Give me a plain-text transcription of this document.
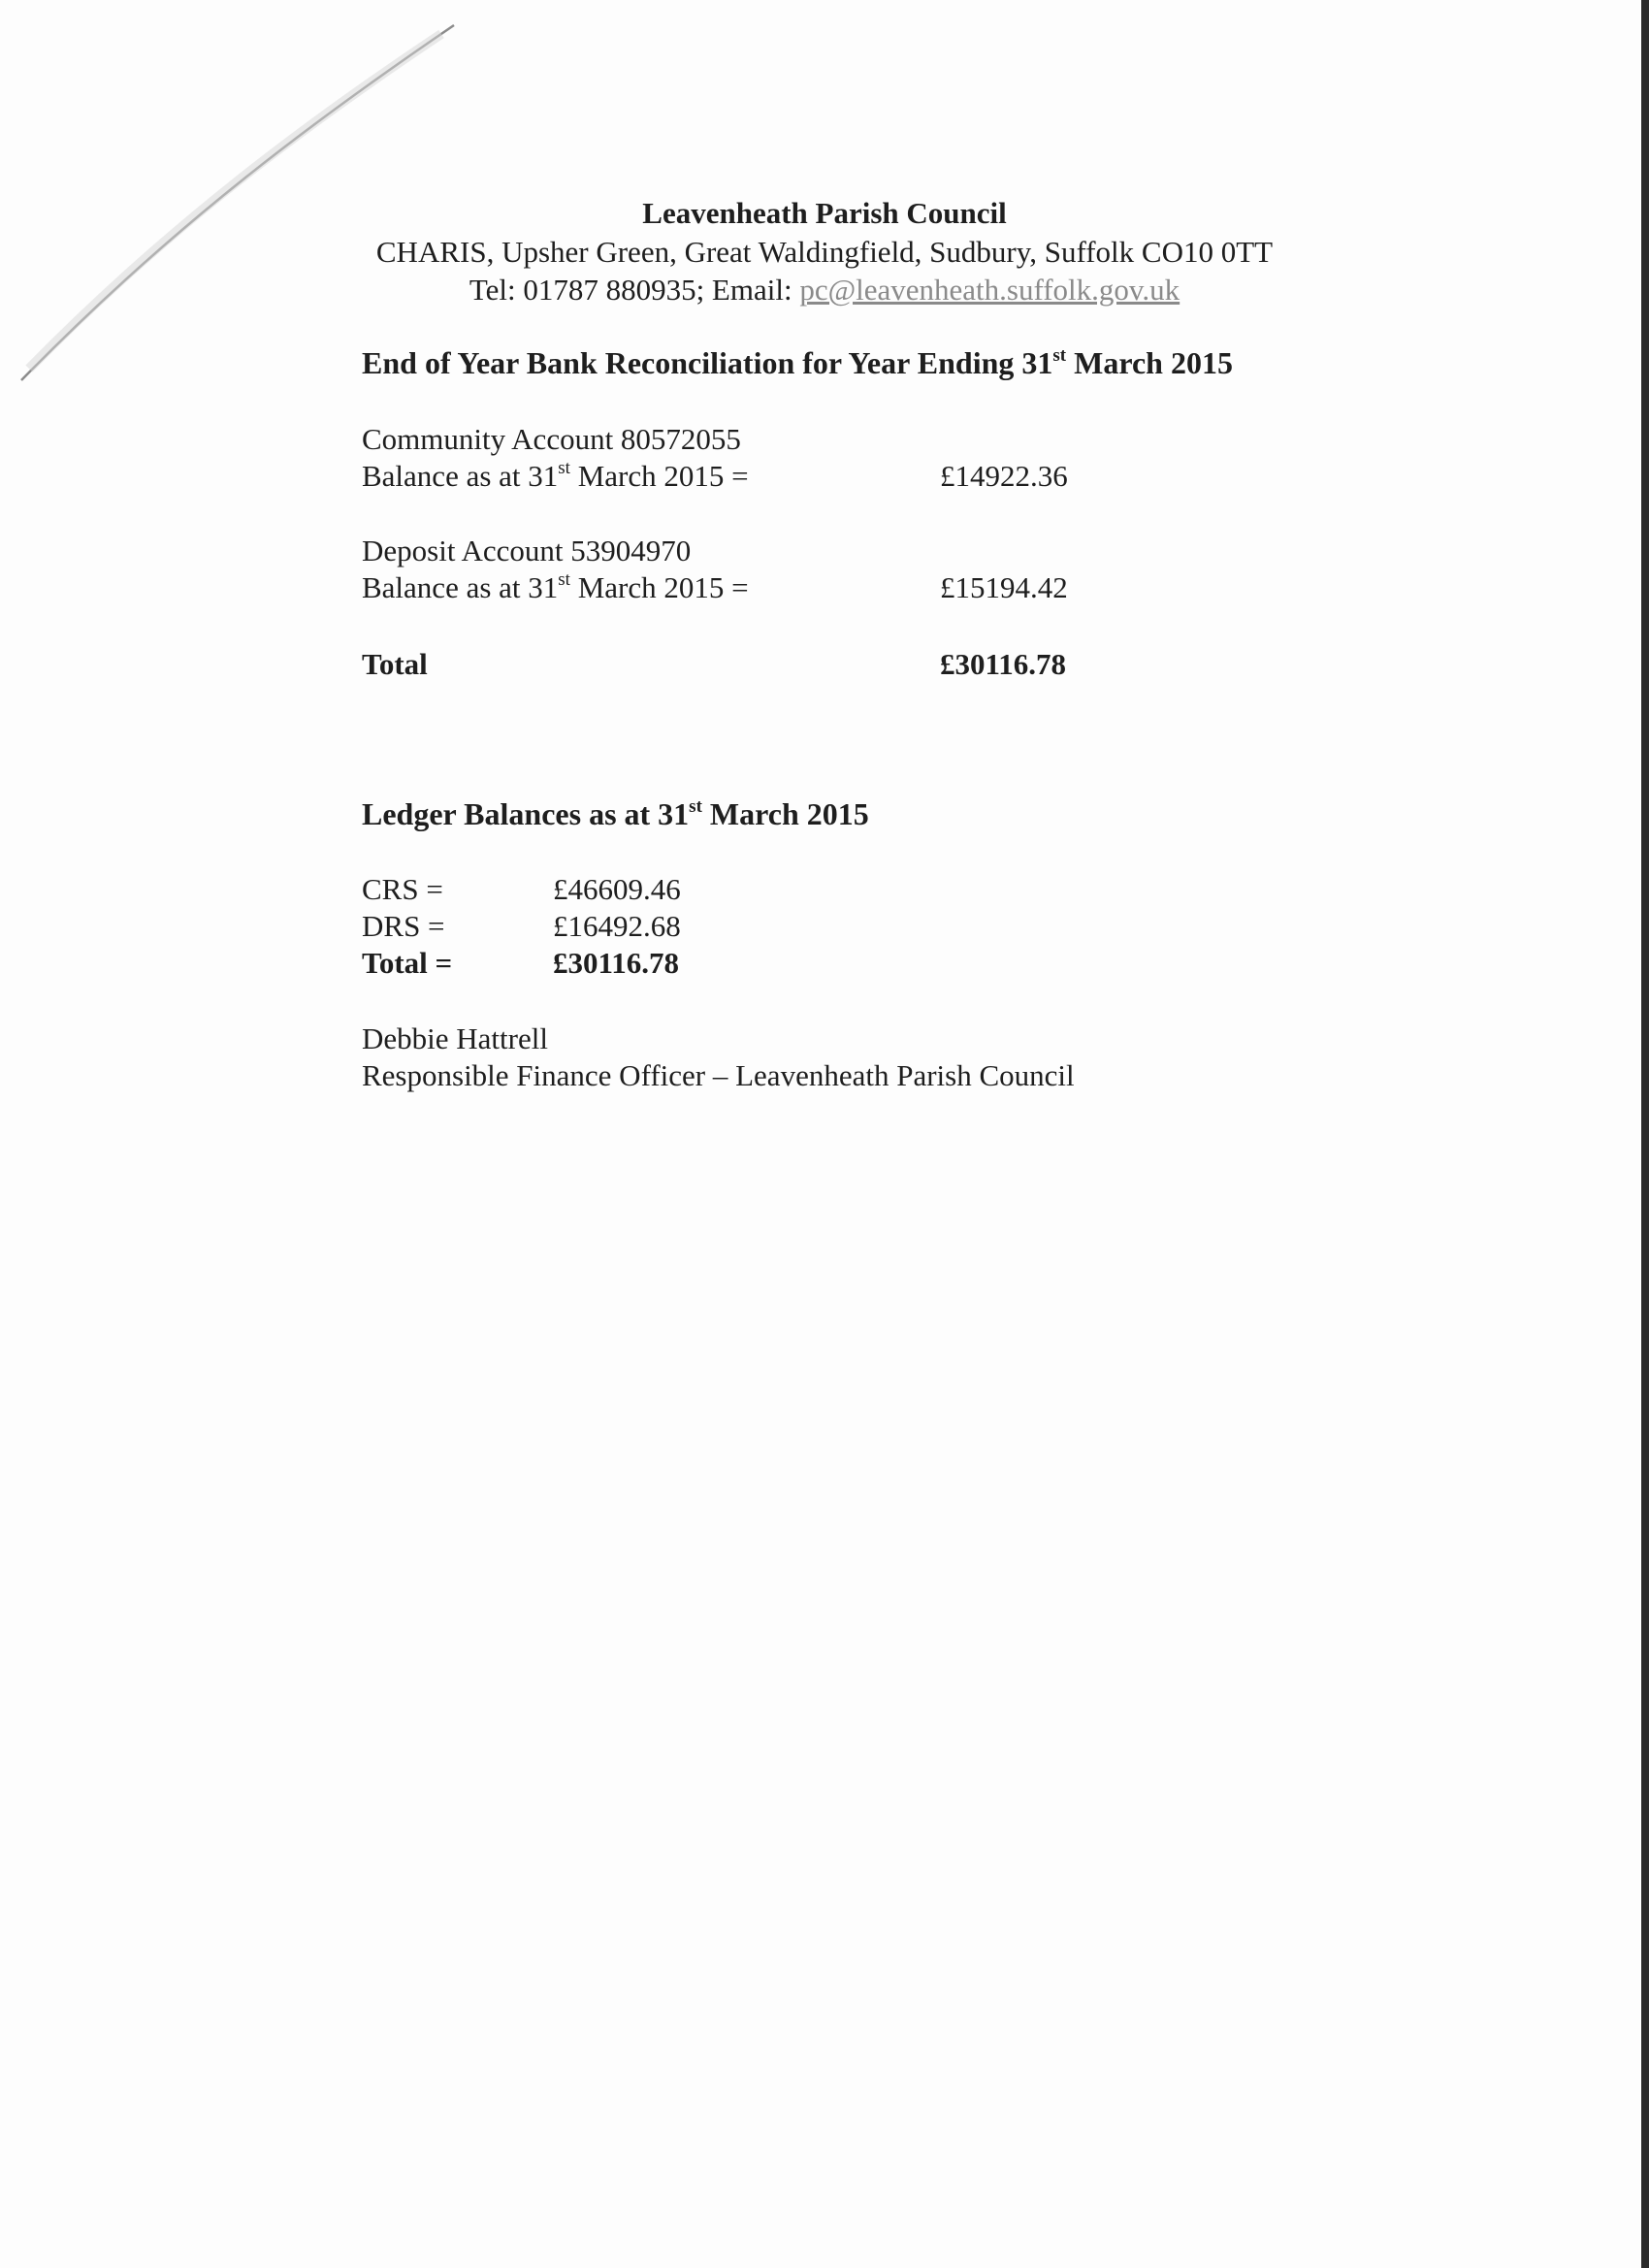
Leavenheath Parish Council
CHARIS, Upsher Green, Great Waldingfield, Sudbury, Suffolk CO10 0TT
Tel: 01787 880935; Email: pc@leavenheath.suffolk.gov.uk
End of Year Bank Reconciliation for Year Ending 31st March 2015
Community Account 80572055
Balance as at 31st March 2015 =	£14922.36
Deposit Account 53904970
Balance as at 31st March 2015 =	£15194.42
Total	£30116.78
Ledger Balances as at 31st March 2015
CRS =	£46609.46
DRS =	£16492.68
Total =	£30116.78
Debbie Hattrell
Responsible Finance Officer – Leavenheath Parish Council
